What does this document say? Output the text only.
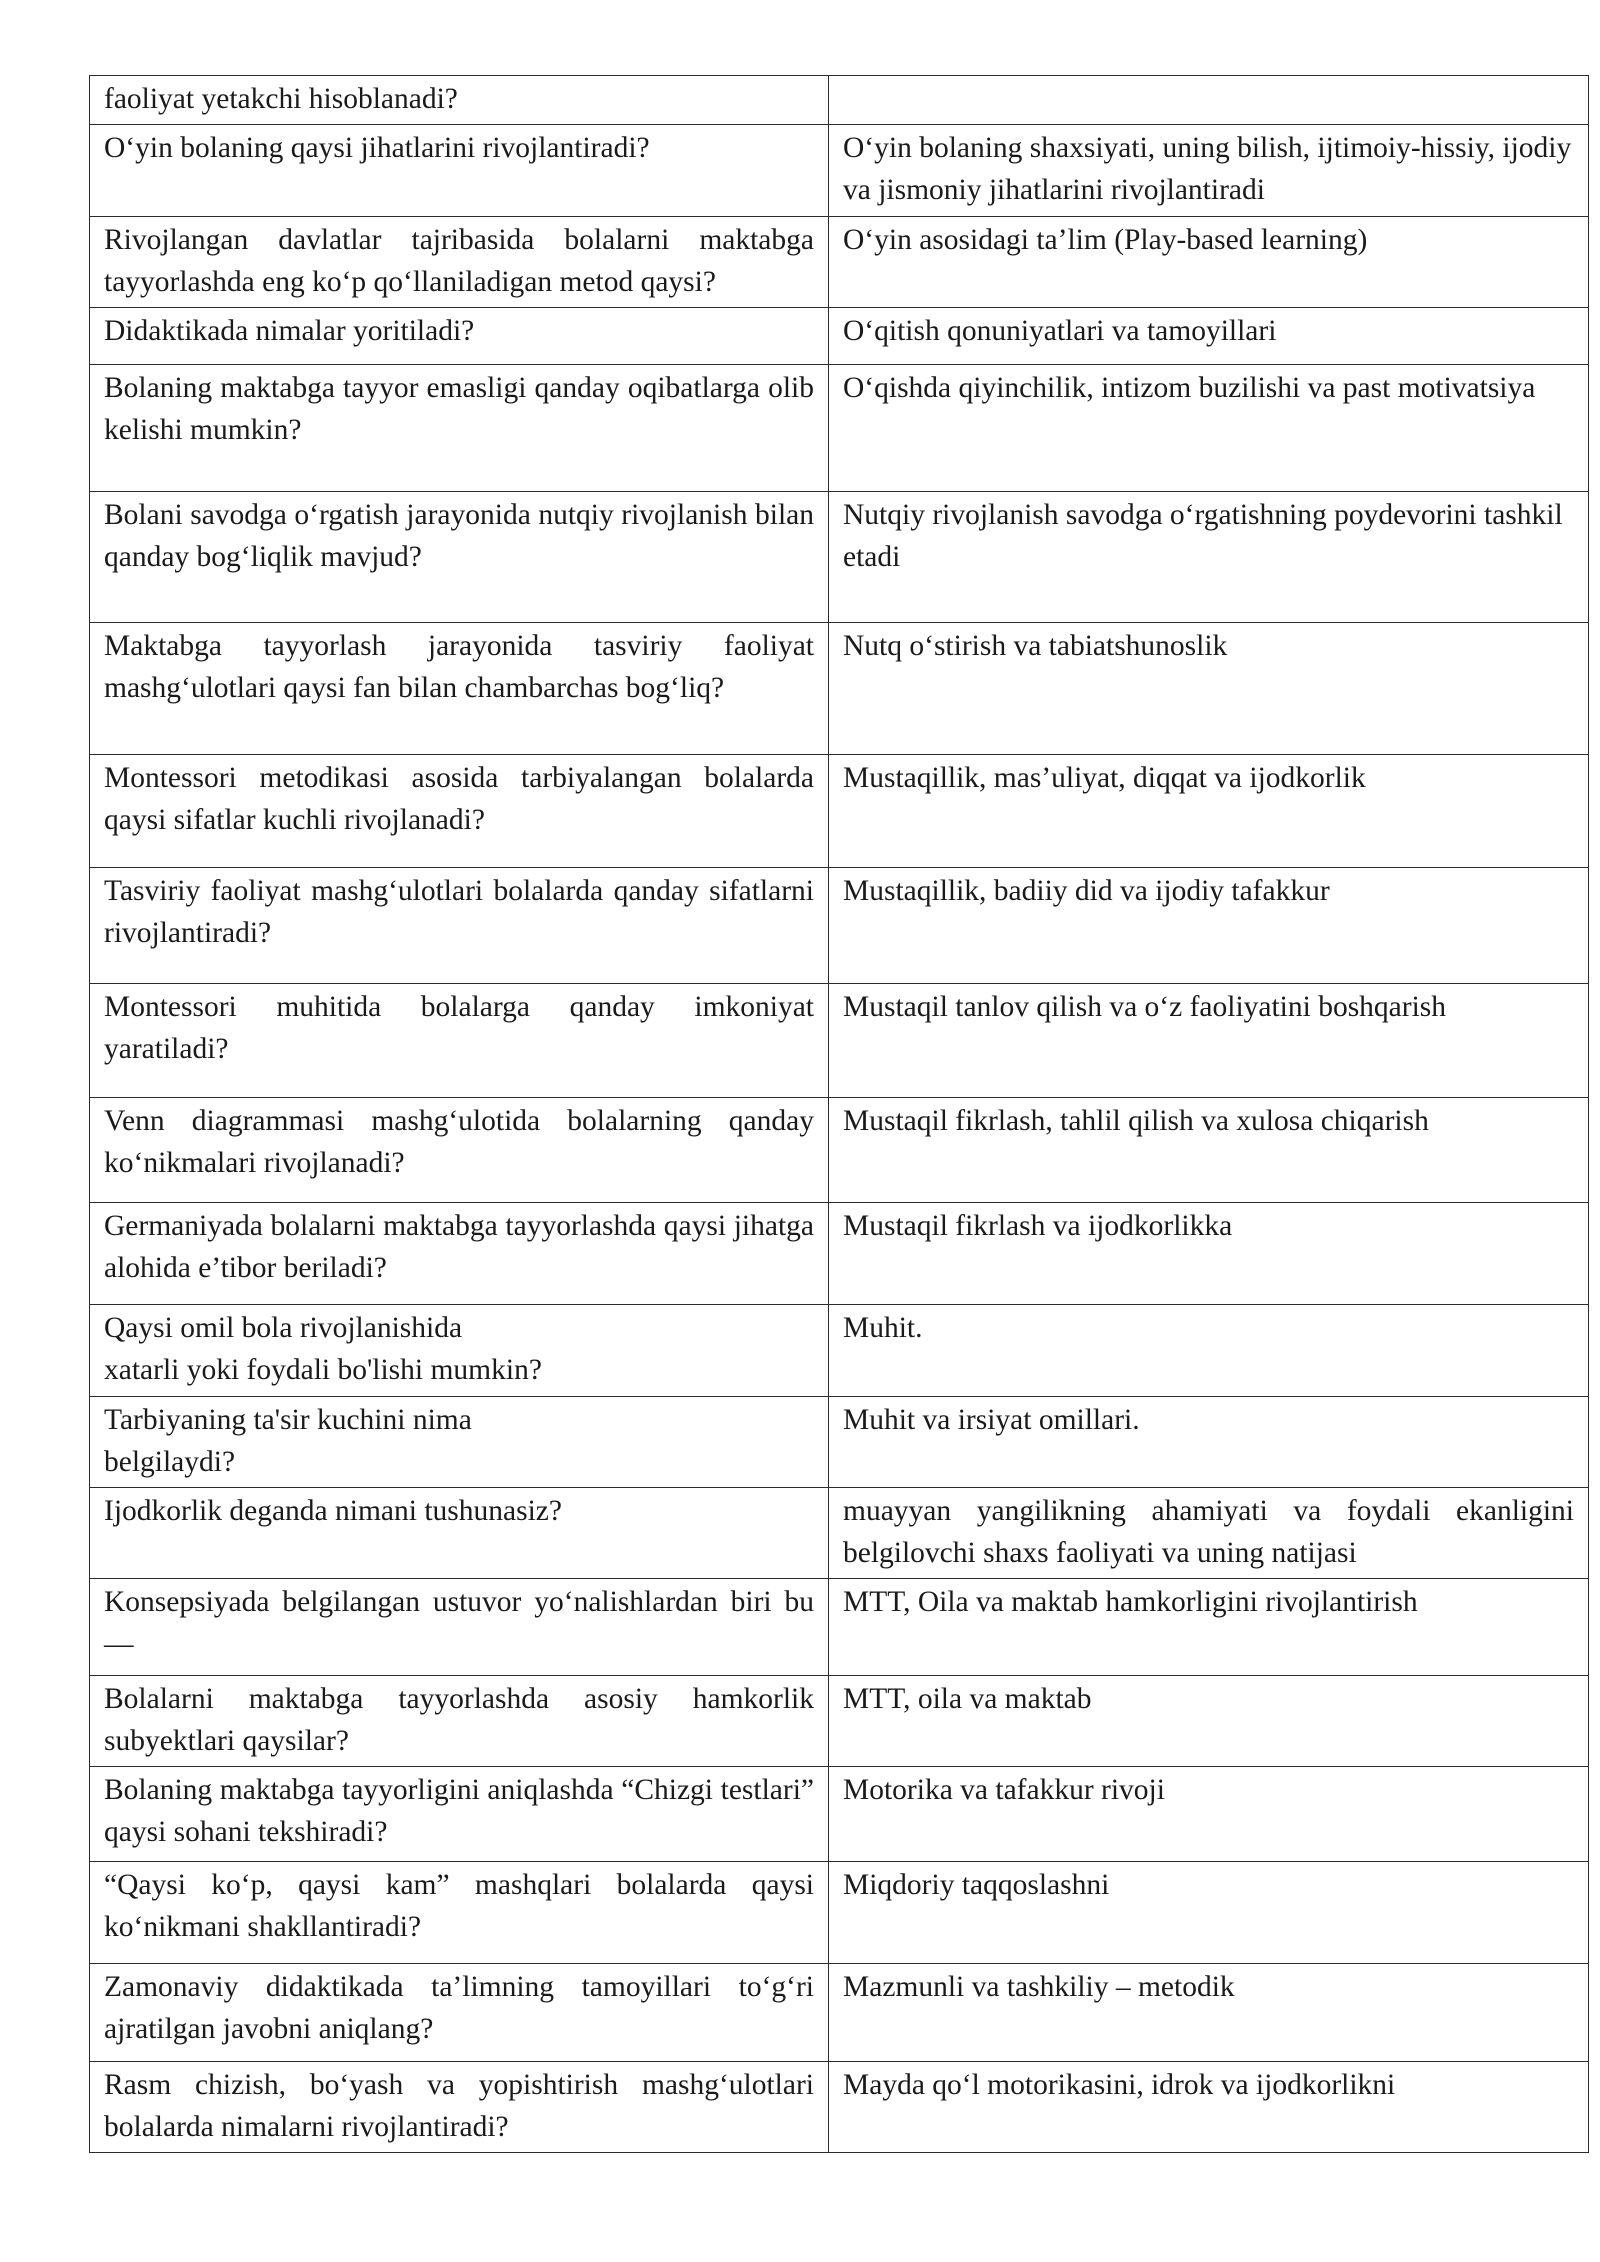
faoliyat yetakchi hisoblanadi?	
O‘yin bolaning qaysi jihatlarini rivojlantiradi?	O‘yin bolaning shaxsiyati, uning bilish, ijtimoiy-hissiy, ijodiy va jismoniy jihatlarini rivojlantiradi
Rivojlangan davlatlar tajribasida bolalarni maktabga tayyorlashda eng ko‘p qo‘llaniladigan metod qaysi?	O‘yin asosidagi ta’lim (Play-based learning)
Didaktikada nimalar yoritiladi?	O‘qitish qonuniyatlari va tamoyillari
Bolaning maktabga tayyor emasligi qanday oqibatlarga olib kelishi mumkin?	O‘qishda qiyinchilik, intizom buzilishi va past motivatsiya
Bolani savodga o‘rgatish jarayonida nutqiy rivojlanish bilan qanday bog‘liqlik mavjud?	Nutqiy rivojlanish savodga o‘rgatishning poydevorini tashkil etadi
Maktabga tayyorlash jarayonida tasviriy faoliyat mashg‘ulotlari qaysi fan bilan chambarchas bog‘liq?	Nutq o‘stirish va tabiatshunoslik
Montessori metodikasi asosida tarbiyalangan bolalarda qaysi sifatlar kuchli rivojlanadi?	Mustaqillik, mas’uliyat, diqqat va ijodkorlik
Tasviriy faoliyat mashg‘ulotlari bolalarda qanday sifatlarni rivojlantiradi?	Mustaqillik, badiiy did va ijodiy tafakkur
Montessori muhitida bolalarga qanday imkoniyat yaratiladi?	Mustaqil tanlov qilish va o‘z faoliyatini boshqarish
Venn diagrammasi mashg‘ulotida bolalarning qanday ko‘nikmalari rivojlanadi?	Mustaqil fikrlash, tahlil qilish va xulosa chiqarish
Germaniyada bolalarni maktabga tayyorlashda qaysi jihatga alohida e’tibor beriladi?	Mustaqil fikrlash va ijodkorlikka
Qaysi omil bola rivojlanishida
xatarli yoki foydali bo'lishi mumkin?	Muhit.
Tarbiyaning ta'sir kuchini nima
belgilaydi?	Muhit va irsiyat omillari.
Ijodkorlik deganda nimani tushunasiz?	muayyan yangilikning ahamiyati va foydali ekanligini belgilovchi shaxs faoliyati va uning natijasi
Konsepsiyada belgilangan ustuvor yo‘nalishlardan biri bu —	MTT, Oila va maktab hamkorligini rivojlantirish
Bolalarni maktabga tayyorlashda asosiy hamkorlik subyektlari qaysilar?	MTT, oila va maktab
Bolaning maktabga tayyorligini aniqlashda “Chizgi testlari” qaysi sohani tekshiradi?	Motorika va tafakkur rivoji
“Qaysi ko‘p, qaysi kam” mashqlari bolalarda qaysi ko‘nikmani shakllantiradi?	Miqdoriy taqqoslashni
Zamonaviy didaktikada ta’limning tamoyillari to‘g‘ri ajratilgan javobni aniqlang?	Mazmunli va tashkiliy – metodik
Rasm chizish, bo‘yash va yopishtirish mashg‘ulotlari bolalarda nimalarni rivojlantiradi?	Mayda qo‘l motorikasini, idrok va ijodkorlikni
